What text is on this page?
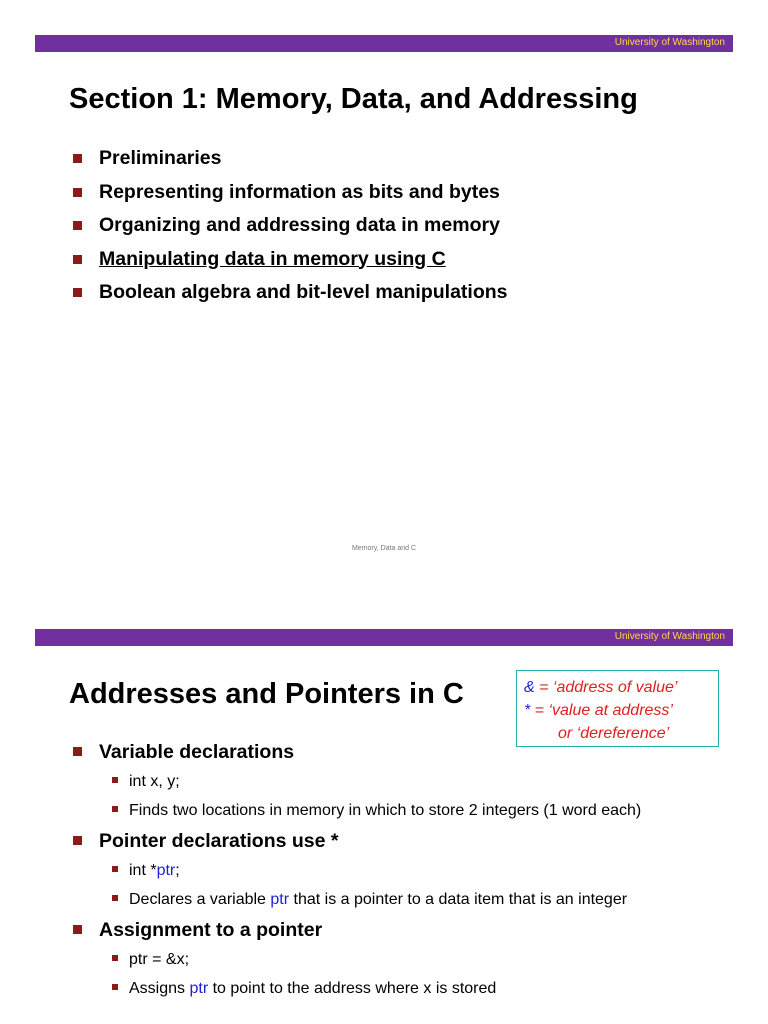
University of Washington
Section 1: Memory, Data, and Addressing
Preliminaries
Representing information as bits and bytes
Organizing and addressing data in memory
Manipulating data in memory using C
Boolean algebra and bit-level manipulations
Memory, Data and C
University of Washington
Addresses and Pointers in C	& = ‘address of value’
* = ‘value at address’
or ‘dereference’
Variable declarations
int x, y;
Finds two locations in memory in which to store 2 integers (1 word each)
Pointer declarations use *
int *ptr;
Declares a variable ptr that is a pointer to a data item that is an integer
Assignment to a pointer
ptr = &x;
Assigns ptr to point to the address where x is stored
